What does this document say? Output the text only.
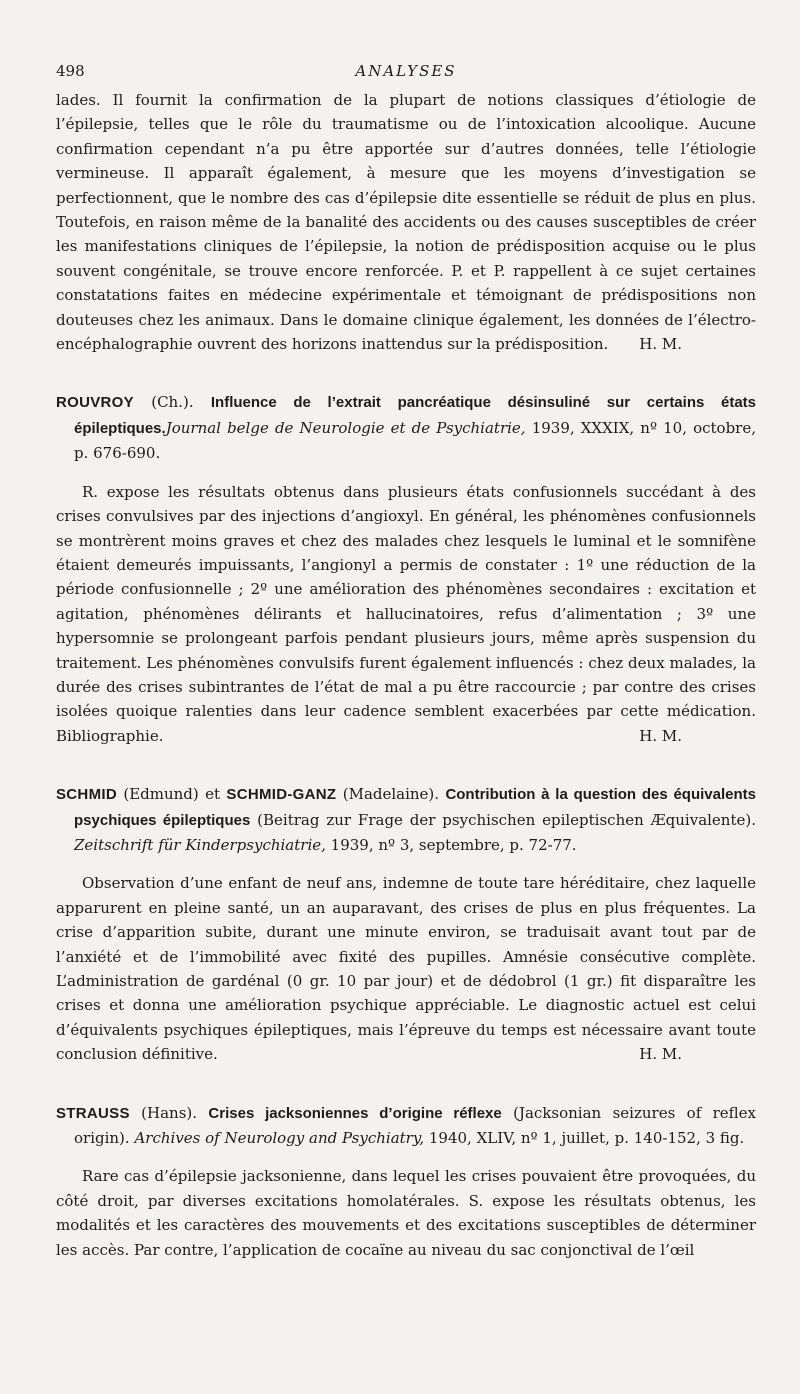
498	ANALYSES

lades. Il fournit la confirmation de la plupart de notions classiques d’étiologie de l’épilepsie, telles que le rôle du traumatisme ou de l’intoxication alcoolique. Aucune confirmation cependant n’a pu être apportée sur d’autres données, telle l’étiologie vermineuse. Il apparaît également, à mesure que les moyens d’investigation se perfectionnent, que le nombre des cas d’épilepsie dite essentielle se réduit de plus en plus. Toutefois, en raison même de la banalité des accidents ou des causes susceptibles de créer les manifestations cliniques de l’épilepsie, la notion de prédisposition acquise ou le plus souvent congénitale, se trouve encore renforcée. P. et P. rappellent à ce sujet certaines constatations faites en médecine expérimentale et témoignant de prédispositions non douteuses chez les animaux. Dans le domaine clinique également, les données de l’électro-encéphalographie ouvrent des horizons inattendus sur la prédisposition. H. M.

ROUVROY (Ch.). Influence de l’extrait pancréatique désinsuliné sur certains états épileptiques.Journal belge de Neurologie et de Psychiatrie, 1939, XXXIX, nº 10, octobre, p. 676-690.

R. expose les résultats obtenus dans plusieurs états confusionnels succédant à des crises convulsives par des injections d’angioxyl. En général, les phénomènes confusionnels se montrèrent moins graves et chez des malades chez lesquels le luminal et le somnifène étaient demeurés impuissants, l’angionyl a permis de constater : 1º une réduction de la période confusionnelle ; 2º une amélioration des phénomènes secondaires : excitation et agitation, phénomènes délirants et hallucinatoires, refus d’alimentation ; 3º une hypersomnie se prolongeant parfois pendant plusieurs jours, même après suspension du traitement. Les phénomènes convulsifs furent également influencés : chez deux malades, la durée des crises subintrantes de l’état de mal a pu être raccourcie ; par contre des crises isolées quoique ralenties dans leur cadence semblent exacerbées par cette médication. Bibliographie.	H. M.

SCHMID (Edmund) et SCHMID-GANZ (Madelaine). Contribution à la question des équivalents psychiques épileptiques (Beitrag zur Frage der psychischen epileptischen Æquivalente). Zeitschrift für Kinderpsychiatrie, 1939, nº 3, septembre, p. 72-77.

Observation d’une enfant de neuf ans, indemne de toute tare héréditaire, chez laquelle apparurent en pleine santé, un an auparavant, des crises de plus en plus fréquentes. La crise d’apparition subite, durant une minute environ, se traduisait avant tout par de l’anxiété et de l’immobilité avec fixité des pupilles. Amnésie consécutive complète. L’administration de gardénal (0 gr. 10 par jour) et de dédobrol (1 gr.) fit disparaître les crises et donna une amélioration psychique appréciable. Le diagnostic actuel est celui d’équivalents psychiques épileptiques, mais l’épreuve du temps est nécessaire avant toute conclusion définitive.	H. M.

STRAUSS (Hans). Crises jacksoniennes d’origine réflexe (Jacksonian seizures of reflex origin). Archives of Neurology and Psychiatry, 1940, XLIV, nº 1, juillet, p. 140-152, 3 fig.

Rare cas d’épilepsie jacksonienne, dans lequel les crises pouvaient être provoquées, du côté droit, par diverses excitations homolatérales. S. expose les résultats obtenus, les modalités et les caractères des mouvements et des excitations susceptibles de déterminer les accès. Par contre, l’application de cocaïne au niveau du sac conjonctival de l’œil
